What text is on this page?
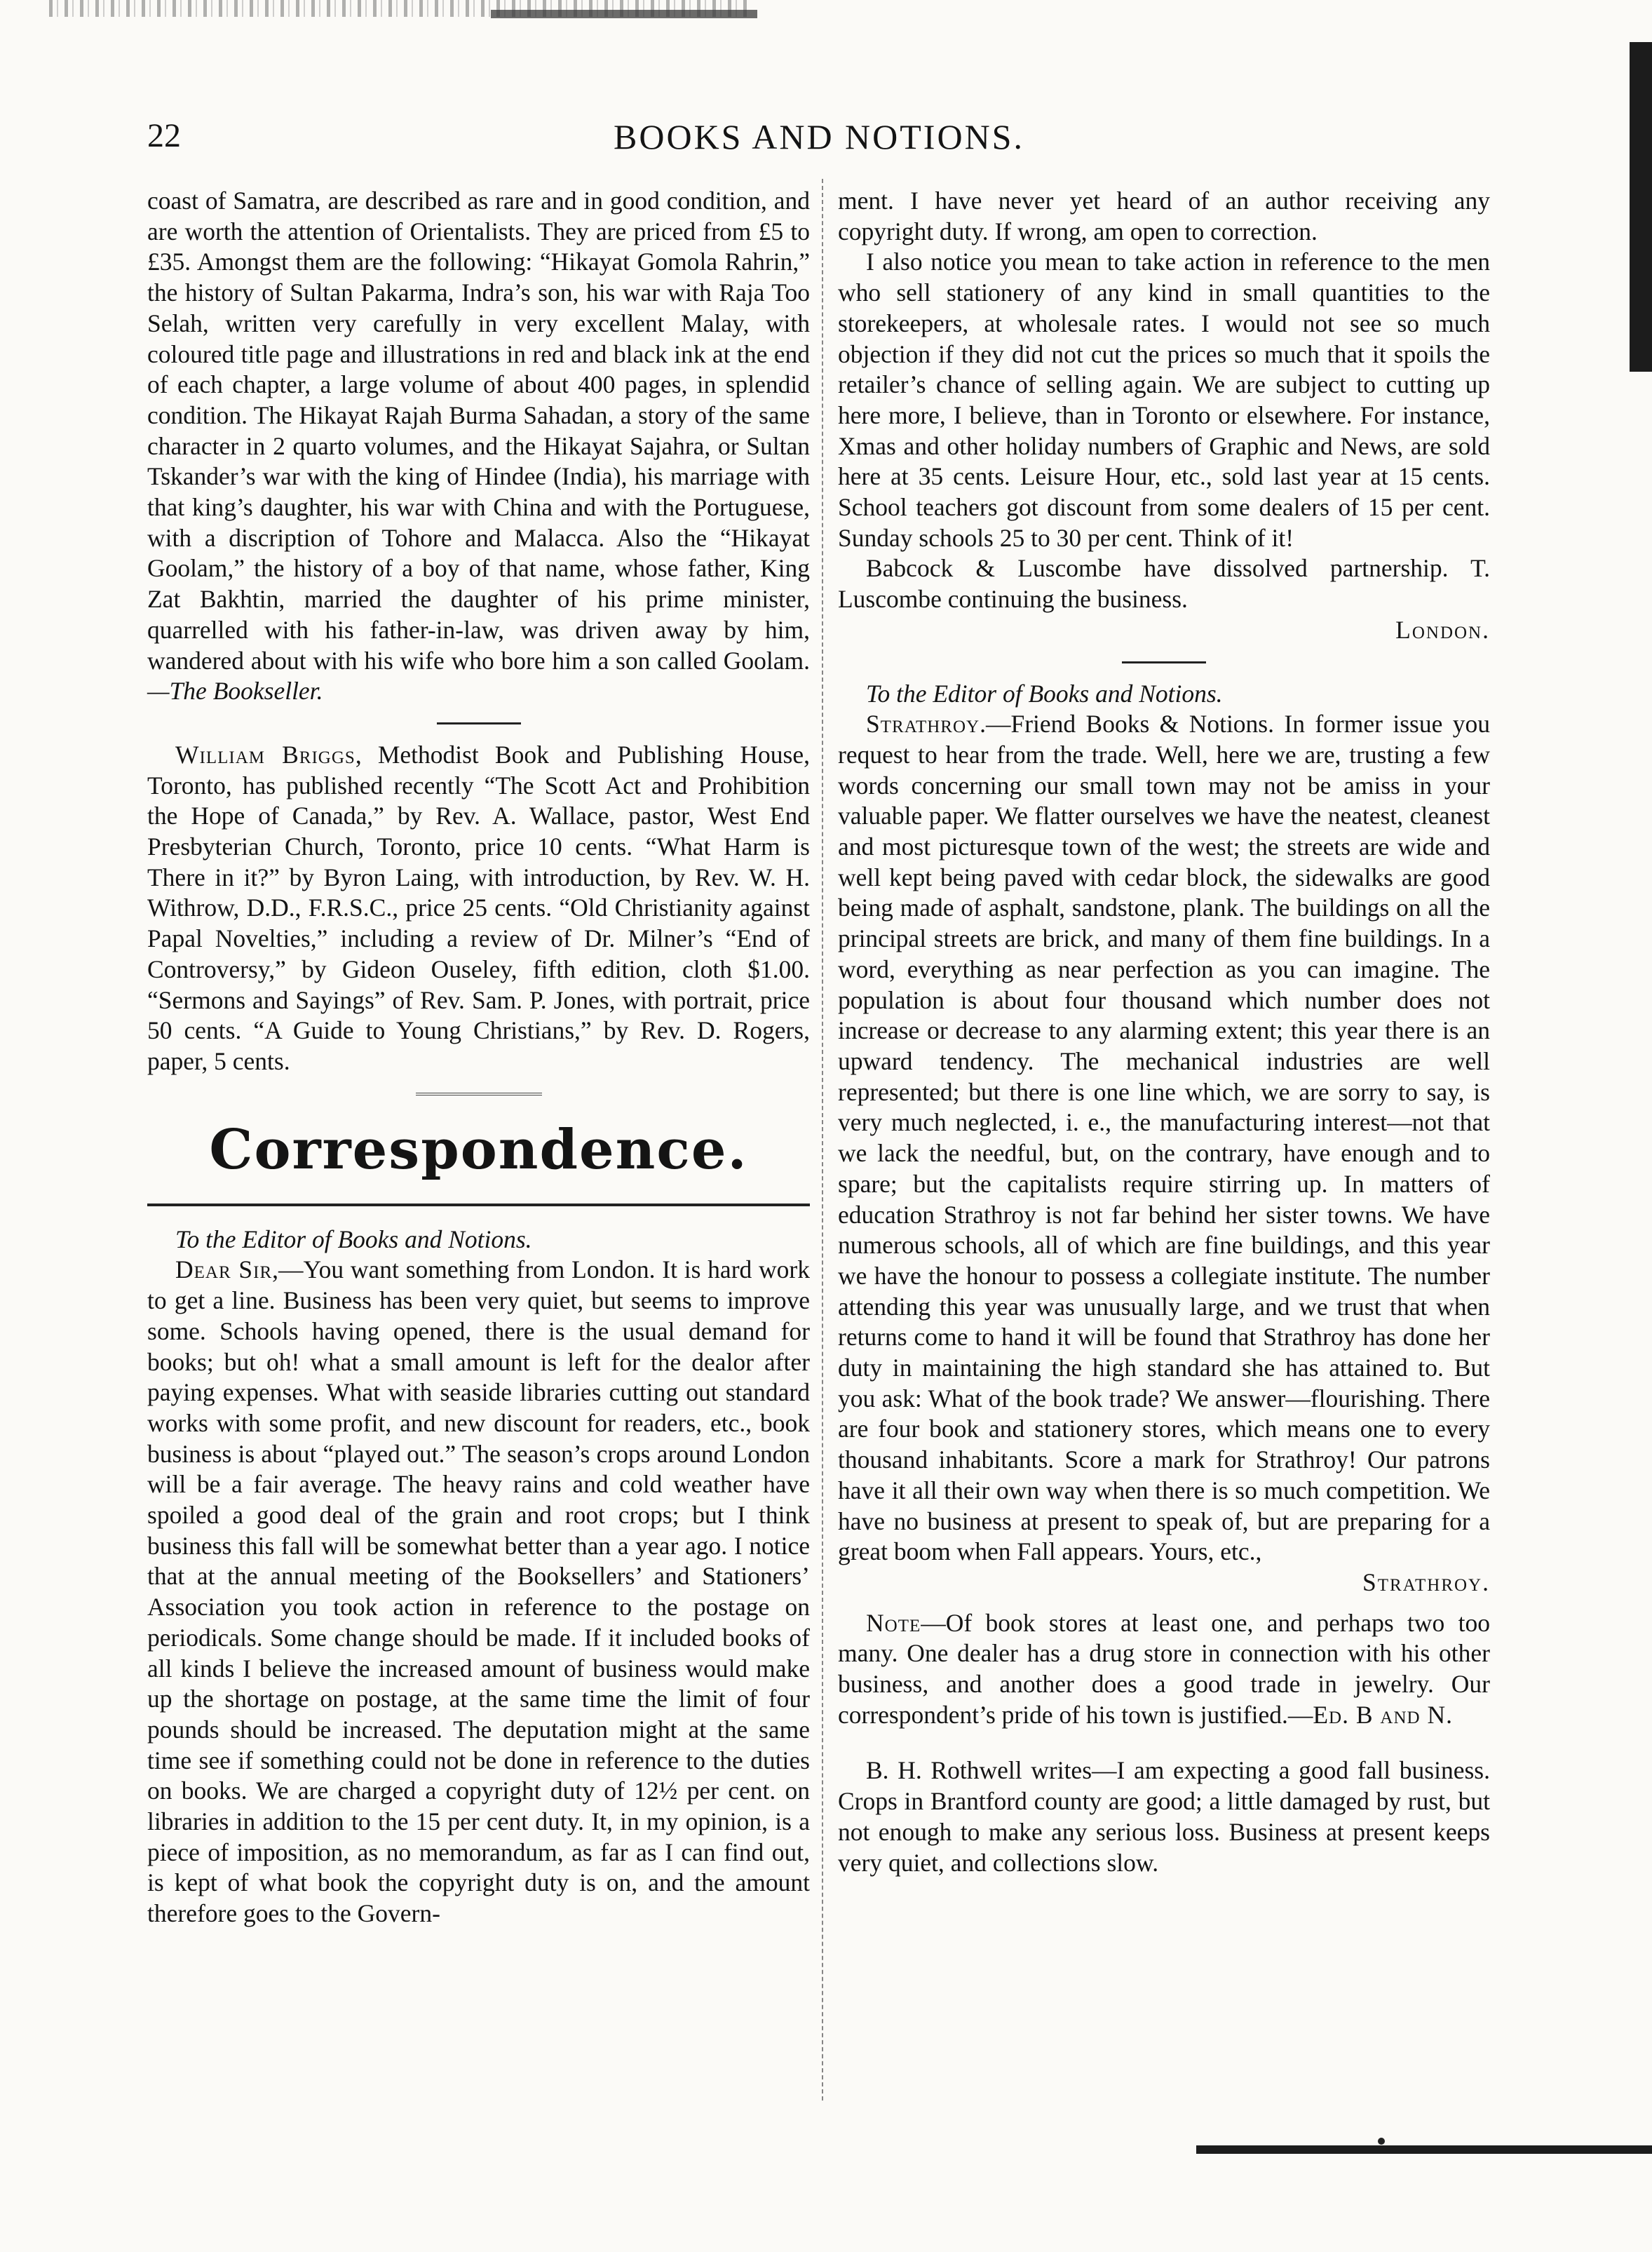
22	BOOKS AND NOTIONS.

coast of Samatra, are described as rare and in good condition, and are worth the attention of Orientalists. They are priced from £5 to £35. Amongst them are the following: “Hikayat Gomola Rahrin,” the history of Sultan Pakarma, Indra’s son, his war with Raja Too Selah, written very carefully in very excellent Malay, with coloured title page and illustrations in red and black ink at the end of each chapter, a large volume of about 400 pages, in splendid condition. The Hikayat Rajah Burma Sahadan, a story of the same character in 2 quarto volumes, and the Hikayat Sajahra, or Sultan Tskander’s war with the king of Hindee (India), his marriage with that king’s daughter, his war with China and with the Portuguese, with a discription of Tohore and Malacca. Also the “Hikayat Goolam,” the history of a boy of that name, whose father, King Zat Bakhtin, married the daughter of his prime minister, quarrelled with his father-in-law, was driven away by him, wandered about with his wife who bore him a son called Goolam.—The Bookseller.

William Briggs, Methodist Book and Publishing House, Toronto, has published recently “The Scott Act and Prohibition the Hope of Canada,” by Rev. A. Wallace, pastor, West End Presbyterian Church, Toronto, price 10 cents. “What Harm is There in it?” by Byron Laing, with introduction, by Rev. W. H. Withrow, D.D., F.R.S.C., price 25 cents. “Old Christianity against Papal Novelties,” including a review of Dr. Milner’s “End of Controversy,” by Gideon Ouseley, fifth edition, cloth $1.00. “Sermons and Sayings” of Rev. Sam. P. Jones, with portrait, price 50 cents. “A Guide to Young Christians,” by Rev. D. Rogers, paper, 5 cents.

Correspondence.

To the Editor of Books and Notions.

Dear Sir,—You want something from London. It is hard work to get a line. Business has been very quiet, but seems to improve some. Schools having opened, there is the usual demand for books; but oh! what a small amount is left for the dealor after paying expenses. What with seaside libraries cutting out standard works with some profit, and new discount for readers, etc., book business is about “played out.” The season’s crops around London will be a fair average. The heavy rains and cold weather have spoiled a good deal of the grain and root crops; but I think business this fall will be somewhat better than a year ago. I notice that at the annual meeting of the Booksellers’ and Stationers’ Association you took action in reference to the postage on periodicals. Some change should be made. If it included books of all kinds I believe the increased amount of business would make up the shortage on postage, at the same time the limit of four pounds should be increased. The deputation might at the same time see if something could not be done in reference to the duties on books. We are charged a copyright duty of 12½ per cent. on libraries in addition to the 15 per cent duty. It, in my opinion, is a piece of imposition, as no memorandum, as far as I can find out, is kept of what book the copyright duty is on, and the amount therefore goes to the Govern-

ment. I have never yet heard of an author receiving any copyright duty. If wrong, am open to correction.

I also notice you mean to take action in reference to the men who sell stationery of any kind in small quantities to the storekeepers, at wholesale rates. I would not see so much objection if they did not cut the prices so much that it spoils the retailer’s chance of selling again. We are subject to cutting up here more, I believe, than in Toronto or elsewhere. For instance, Xmas and other holiday numbers of Graphic and News, are sold here at 35 cents. Leisure Hour, etc., sold last year at 15 cents. School teachers got discount from some dealers of 15 per cent. Sunday schools 25 to 30 per cent. Think of it!

Babcock & Luscombe have dissolved partnership. T. Luscombe continuing the business.

London.

To the Editor of Books and Notions.

Strathroy.—Friend Books & Notions. In former issue you request to hear from the trade. Well, here we are, trusting a few words concerning our small town may not be amiss in your valuable paper. We flatter ourselves we have the neatest, cleanest and most picturesque town of the west; the streets are wide and well kept being paved with cedar block, the sidewalks are good being made of asphalt, sandstone, plank. The buildings on all the principal streets are brick, and many of them fine buildings. In a word, everything as near perfection as you can imagine. The population is about four thousand which number does not increase or decrease to any alarming extent; this year there is an upward tendency. The mechanical industries are well represented; but there is one line which, we are sorry to say, is very much neglected, i. e., the manufacturing interest—not that we lack the needful, but, on the contrary, have enough and to spare; but the capitalists require stirring up. In matters of education Strathroy is not far behind her sister towns. We have numerous schools, all of which are fine buildings, and this year we have the honour to possess a collegiate institute. The number attending this year was unusually large, and we trust that when returns come to hand it will be found that Strathroy has done her duty in maintaining the high standard she has attained to. But you ask: What of the book trade? We answer—flourishing. There are four book and stationery stores, which means one to every thousand inhabitants. Score a mark for Strathroy! Our patrons have it all their own way when there is so much competition. We have no business at present to speak of, but are preparing for a great boom when Fall appears. Yours, etc.,

Strathroy.

Note—Of book stores at least one, and perhaps two too many. One dealer has a drug store in connection with his other business, and another does a good trade in jewelry. Our correspondent’s pride of his town is justified.—Ed. B and N.

B. H. Rothwell writes—I am expecting a good fall business. Crops in Brantford county are good; a little damaged by rust, but not enough to make any serious loss. Business at present keeps very quiet, and collections slow.
